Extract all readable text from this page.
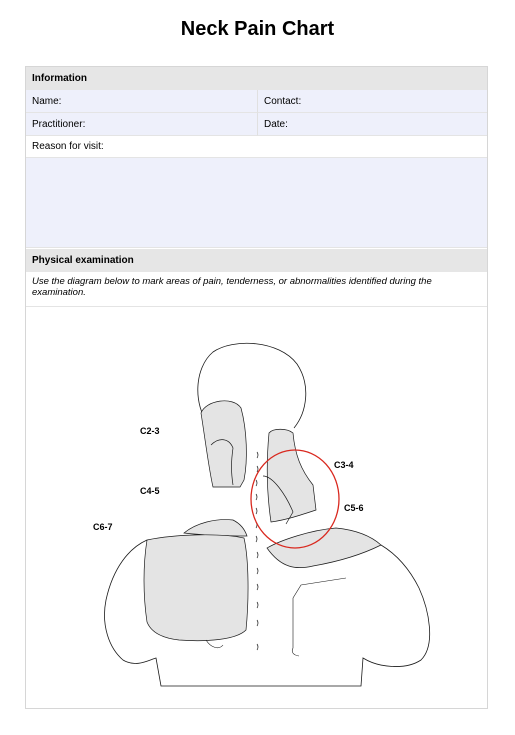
Neck Pain Chart
Information
Name:	Contact:
Practitioner:	Date:
Reason for visit:
Physical examination
Use the diagram below to mark areas of pain, tenderness, or abnormalities identified during the examination.
C2-3
C3-4
C4-5
C5-6
C6-7
